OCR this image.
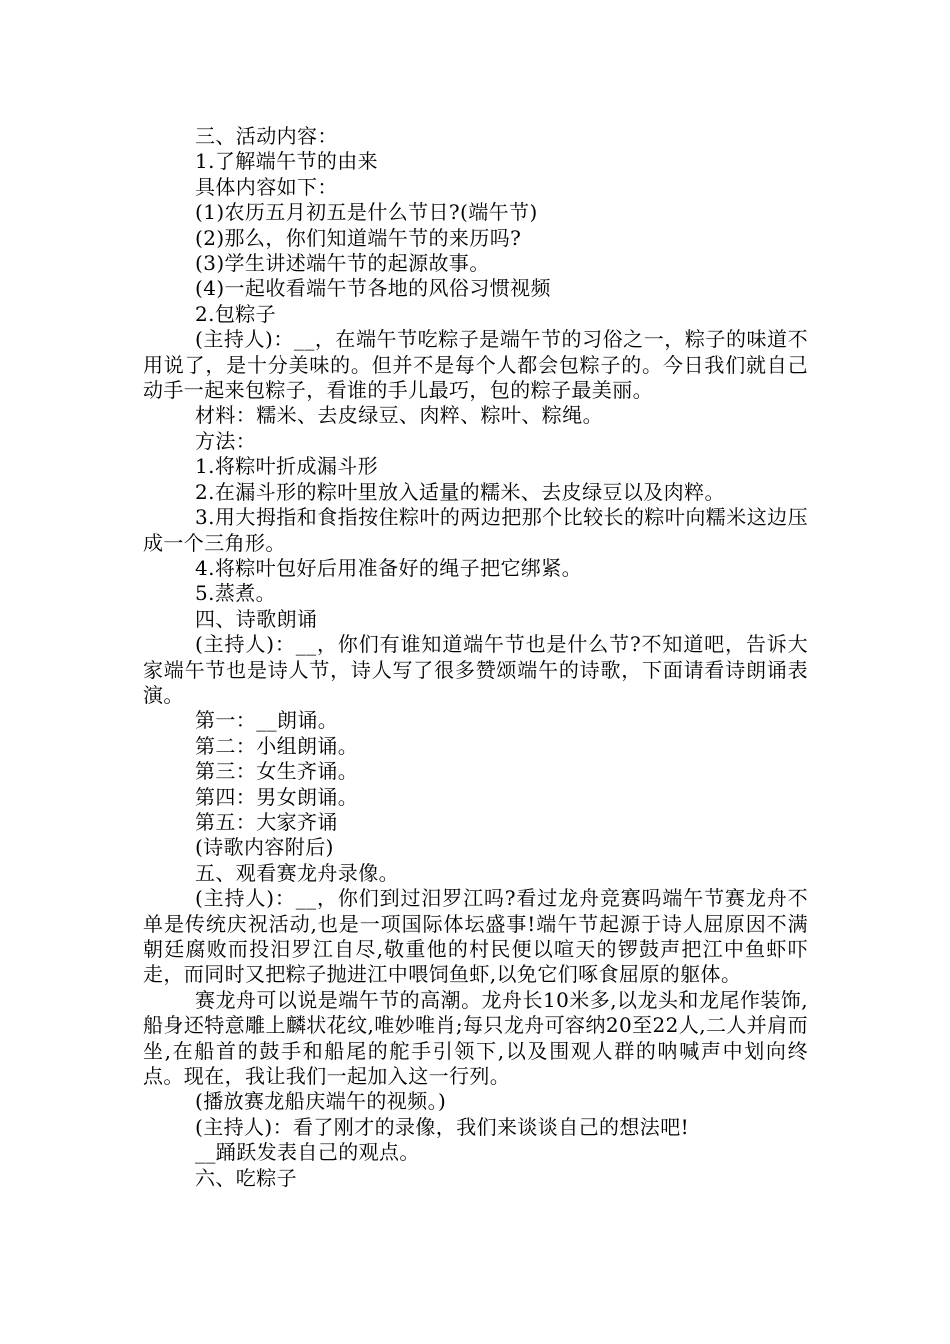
三、活动内容：

1.了解端午节的由来

具体内容如下：

(1)农历五月初五是什么节日?(端午节)

(2)那么，你们知道端午节的来历吗?

(3)学生讲述端午节的起源故事。

(4)一起收看端午节各地的风俗习惯视频

2.包粽子

(主持人)：__，在端午节吃粽子是端午节的习俗之一，粽子的味道不用说了，是十分美味的。但并不是每个人都会包粽子的。今日我们就自己动手一起来包粽子，看谁的手儿最巧，包的粽子最美丽。

材料：糯米、去皮绿豆、肉粹、粽叶、粽绳。

方法：

1.将粽叶折成漏斗形

2.在漏斗形的粽叶里放入适量的糯米、去皮绿豆以及肉粹。

3.用大拇指和食指按住粽叶的两边把那个比较长的粽叶向糯米这边压成一个三角形。

4.将粽叶包好后用准备好的绳子把它绑紧。

5.蒸煮。

四、诗歌朗诵

(主持人)：__，你们有谁知道端午节也是什么节?不知道吧，告诉大家端午节也是诗人节，诗人写了很多赞颂端午的诗歌，下面请看诗朗诵表演。

第一：__朗诵。

第二：小组朗诵。

第三：女生齐诵。

第四：男女朗诵。

第五：大家齐诵

(诗歌内容附后)

五、观看赛龙舟录像。

(主持人)：__，你们到过汨罗江吗?看过龙舟竞赛吗端午节赛龙舟不单是传统庆祝活动,也是一项国际体坛盛事!端午节起源于诗人屈原因不满朝廷腐败而投汨罗江自尽,敬重他的村民便以喧天的锣鼓声把江中鱼虾吓走，而同时又把粽子抛进江中喂饲鱼虾,以免它们啄食屈原的躯体。

赛龙舟可以说是端午节的高潮。龙舟长10米多,以龙头和龙尾作装饰,船身还特意雕上麟状花纹,唯妙唯肖;每只龙舟可容纳20至22人,二人并肩而坐,在船首的鼓手和船尾的舵手引领下,以及围观人群的呐喊声中划向终点。现在，我让我们一起加入这一行列。

(播放赛龙船庆端午的视频。)

(主持人)：看了刚才的录像，我们来谈谈自己的想法吧!

__踊跃发表自己的观点。

六、吃粽子
